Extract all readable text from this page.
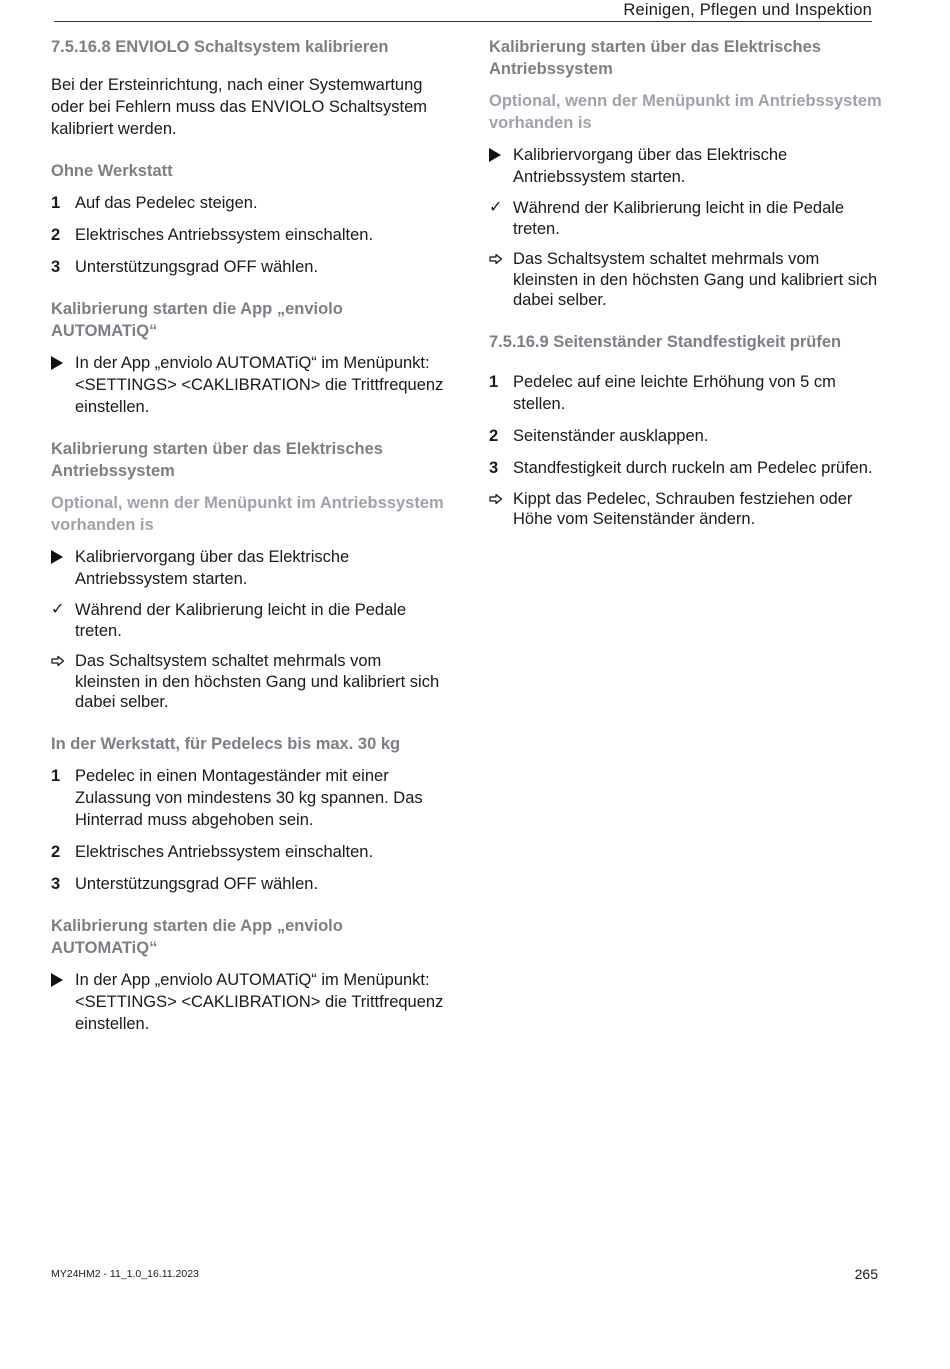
Reinigen, Pflegen und Inspektion
7.5.16.8 ENVIOLO Schaltsystem kalibrieren

Bei der Ersteinrichtung, nach einer Systemwartung oder bei Fehlern muss das ENVIOLO Schaltsystem kalibriert werden.

Ohne Werkstatt
1 Auf das Pedelec steigen.
2 Elektrisches Antriebssystem einschalten.
3 Unterstützungsgrad OFF wählen.
Kalibrierung starten die App „enviolo AUTOMATiQ“
In der App „enviolo AUTOMATiQ“ im Menüpunkt: <SETTINGS> <CAKLIBRATION> die Trittfrequenz einstellen.
Kalibrierung starten über das Elektrisches Antriebssystem
Optional, wenn der Menüpunkt im Antriebssystem vorhanden is
Kalibriervorgang über das Elektrische Antriebssystem starten.
✓ Während der Kalibrierung leicht in die Pedale treten.
Das Schaltsystem schaltet mehrmals vom kleinsten in den höchsten Gang und kalibriert sich dabei selber.
In der Werkstatt, für Pedelecs bis max. 30 kg
1 Pedelec in einen Montageständer mit einer Zulassung von mindestens 30 kg spannen. Das Hinterrad muss abgehoben sein.
2 Elektrisches Antriebssystem einschalten.
3 Unterstützungsgrad OFF wählen.
Kalibrierung starten die App „enviolo AUTOMATiQ“
In der App „enviolo AUTOMATiQ“ im Menüpunkt: <SETTINGS> <CAKLIBRATION> die Trittfrequenz einstellen.
Kalibrierung starten über das Elektrisches Antriebssystem
Optional, wenn der Menüpunkt im Antriebssystem vorhanden is
Kalibriervorgang über das Elektrische Antriebssystem starten.
✓ Während der Kalibrierung leicht in die Pedale treten.
Das Schaltsystem schaltet mehrmals vom kleinsten in den höchsten Gang und kalibriert sich dabei selber.
7.5.16.9 Seitenständer Standfestigkeit prüfen
1 Pedelec auf eine leichte Erhöhung von 5 cm stellen.
2 Seitenständer ausklappen.
3 Standfestigkeit durch ruckeln am Pedelec prüfen.
Kippt das Pedelec, Schrauben festziehen oder Höhe vom Seitenständer ändern.
MY24HM2 - 11_1.0_16.11.2023	265
